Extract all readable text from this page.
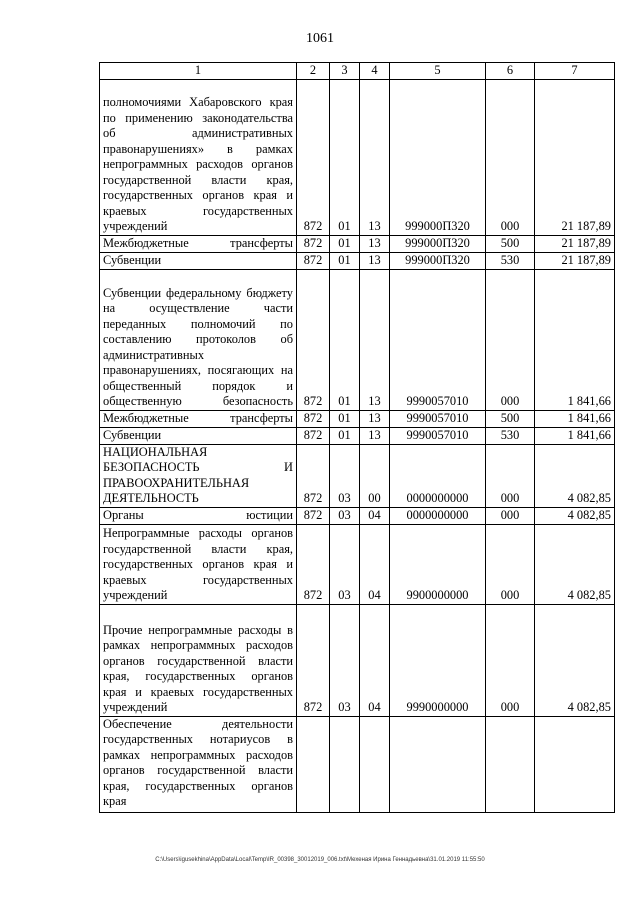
1061
1	2	3	4	5	6	7
полномочиями Хабаровского края по применению законодательства об административных правонарушениях» в рамках непрограммных расходов органов государственной власти края, государственных органов края и краевых государственных учреждений	872	01	13	999000П320	000	21 187,89
Межбюджетные трансферты	872	01	13	999000П320	500	21 187,89
Субвенции	872	01	13	999000П320	530	21 187,89
Субвенции федеральному бюджету на осуществление части переданных полномочий по составлению протоколов об административных правонарушениях, посягающих на общественный порядок и общественную безопасность	872	01	13	9990057010	000	1 841,66
Межбюджетные трансферты	872	01	13	9990057010	500	1 841,66
Субвенции	872	01	13	9990057010	530	1 841,66
НАЦИОНАЛЬНАЯ БЕЗОПАСНОСТЬ И ПРАВООХРАНИТЕЛЬНАЯ ДЕЯТЕЛЬНОСТЬ	872	03	00	0000000000	000	4 082,85
Органы юстиции	872	03	04	0000000000	000	4 082,85
Непрограммные расходы органов государственной власти края, государственных органов края и краевых государственных учреждений	872	03	04	9900000000	000	4 082,85
Прочие непрограммные расходы в рамках непрограммных расходов органов государственной власти края, государственных органов края и краевых государственных учреждений	872	03	04	9990000000	000	4 082,85
Обеспечение деятельности государственных нотариусов в рамках непрограммных расходов органов государственной власти края, государственных органов края						
C:\Users\igusekhina\AppData\Local\Temp\IR_00398_30012019_006.txt\Мехеная Ирина Геннадьевна\31.01.2019 11:55:50
